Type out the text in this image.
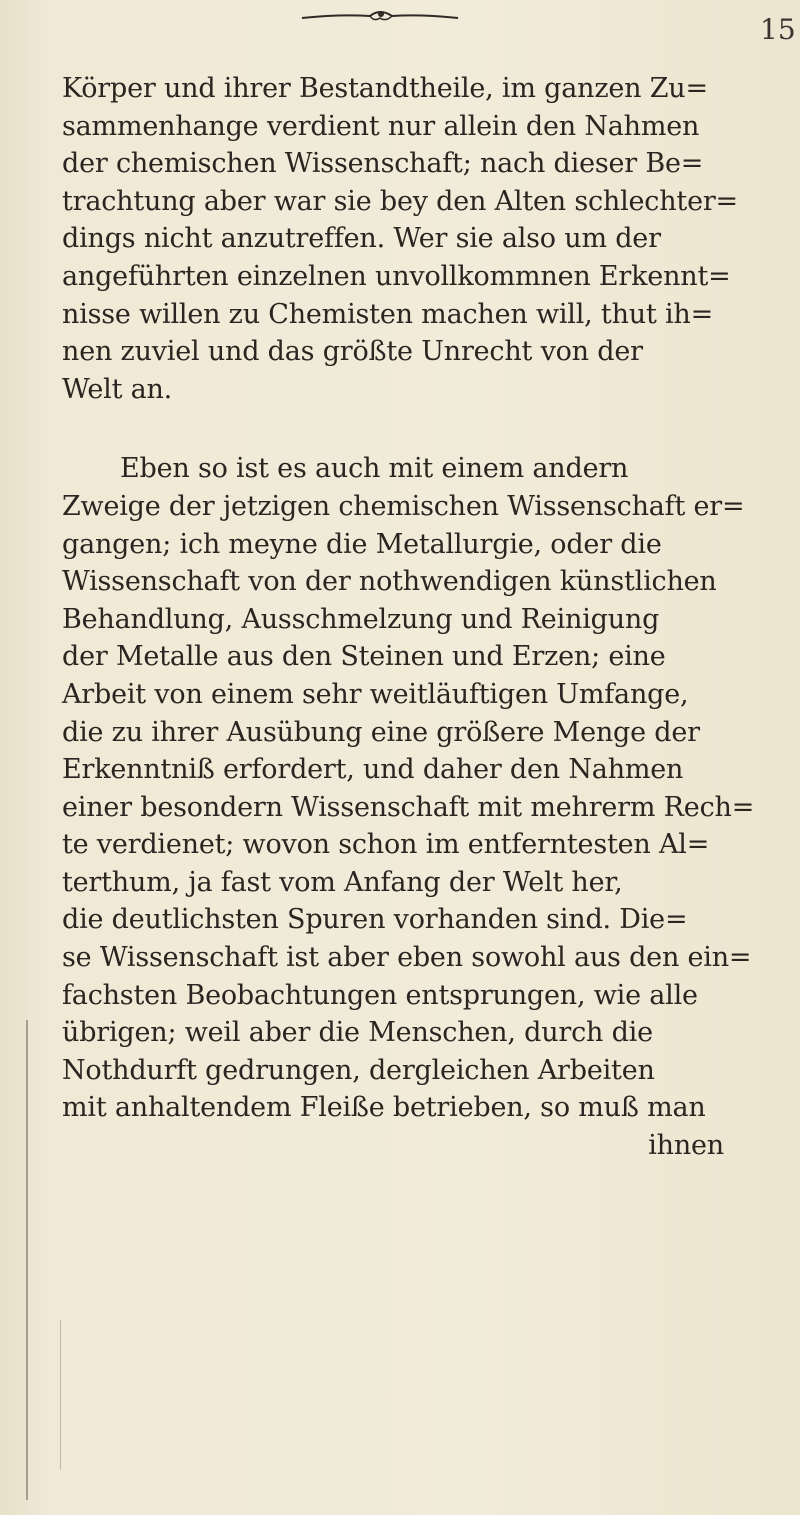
15
Körper und ihrer Bestandtheile, im ganzen Zu=
sammenhange verdient nur allein den Nahmen
der chemischen Wissenschaft; nach dieser Be=
trachtung aber war sie bey den Alten schlechter=
dings nicht anzutreffen. Wer sie also um der
angeführten einzelnen unvollkommnen Erkennt=
nisse willen zu Chemisten machen will, thut ih=
nen zuviel und das größte Unrecht von der
Welt an.
Eben so ist es auch mit einem andern
Zweige der jetzigen chemischen Wissenschaft er=
gangen; ich meyne die Metallurgie, oder die
Wissenschaft von der nothwendigen künstlichen
Behandlung, Ausschmelzung und Reinigung
der Metalle aus den Steinen und Erzen; eine
Arbeit von einem sehr weitläuftigen Umfange,
die zu ihrer Ausübung eine größere Menge der
Erkenntniß erfordert, und daher den Nahmen
einer besondern Wissenschaft mit mehrerm Rech=
te verdienet; wovon schon im entferntesten Al=
terthum, ja fast vom Anfang der Welt her,
die deutlichsten Spuren vorhanden sind. Die=
se Wissenschaft ist aber eben sowohl aus den ein=
fachsten Beobachtungen entsprungen, wie alle
übrigen; weil aber die Menschen, durch die
Nothdurft gedrungen, dergleichen Arbeiten
mit anhaltendem Fleiße betrieben, so muß man
ihnen
